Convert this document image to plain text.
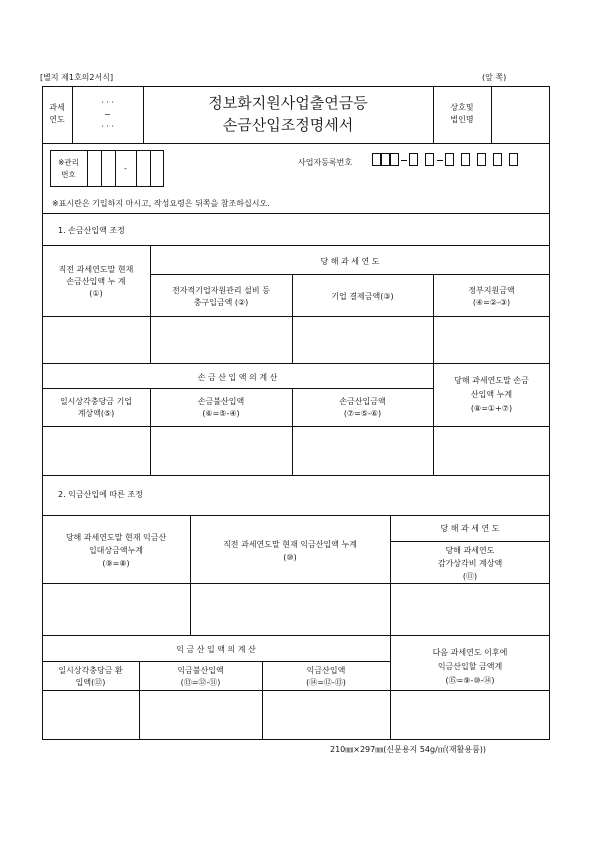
[별지 제1호의2서식]	(앞 쪽)
과세
연도
· · ·
~
· · ·
정보화지원사업출연금등
손금산입조정명세서
상호및
법인명
※관리
번호
-
사업자등록번호
※표시란은 기입하지 마시고, 작성요령은 뒤쪽을 참조하십시오.
1. 손금산입액 조정
직전 과세연도말 현재
손금산입액 누 계
(①)
당 해 과 세 연 도
전자적기업자원관리 설비 등
충구입금액 (②)
기업 결제금액(③)
정부지원금액
(④=②-③)
손 금 산 입 액 의 계 산
일시상각충당금 기업
계상액(⑤)
손금불산입액
(⑥=⑤-④)
손금산입금액
(⑦=⑤-⑥)
당해 과세연도말 손금
산입액 누계
(⑧=①+⑦)
2. 익금산입에 따른 조정
당해 과세연도말 현재 익금산
입대상금액누계
(⑨=⑧)
직전 과세연도말 현재 익금산입액 누계
(⑩)
당 해 과 세 연 도
당해 과세연도
감가상각비 계상액
(⑪)
익 금 산 입 액 의 계 산
일시상각충당금 환
입액(⑫)
익금불산입액
(⑬=⑫-⑪)
익금산입액
(⑭=⑫-⑬)
다음 과세연도 이후에
익금산입할 금액계
(⑮=⑨-⑩-⑭)
210㎜×297㎜(신문용지 54g/㎡(재활용품))
